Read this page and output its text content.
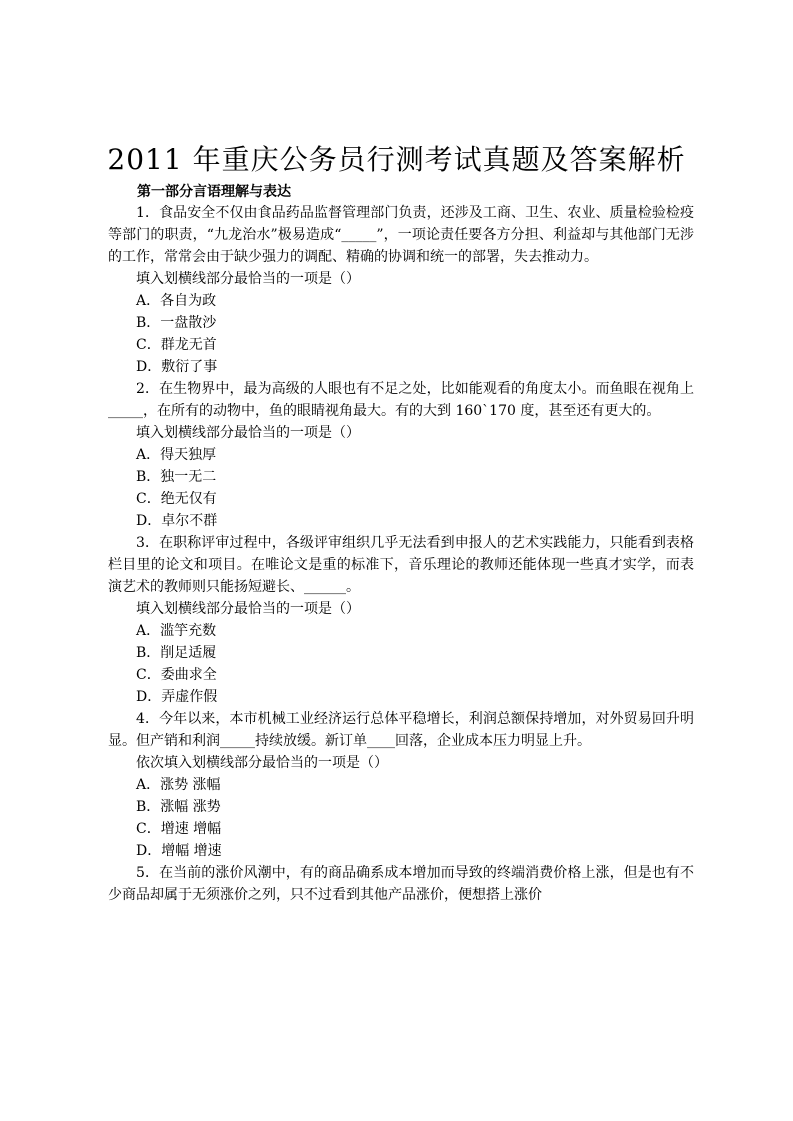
2011 年重庆公务员行测考试真题及答案解析
第一部分言语理解与表达

1．食品安全不仅由食品药品监督管理部门负责，还涉及工商、卫生、农业、质量检验检疫等部门的职责，“九龙治水”极易造成“_____”，一项论责任要各方分担、利益却与其他部门无涉的工作，常常会由于缺少强力的调配、精确的协调和统一的部署，失去推动力。

填入划横线部分最恰当的一项是（）

A．各自为政

B．一盘散沙

C．群龙无首

D．敷衍了事

2．在生物界中，最为高级的人眼也有不足之处，比如能观看的角度太小。而鱼眼在视角上_____，在所有的动物中，鱼的眼睛视角最大。有的大到 160`170 度，甚至还有更大的。

填入划横线部分最恰当的一项是（）

A．得天独厚

B．独一无二

C．绝无仅有

D．卓尔不群

3．在职称评审过程中，各级评审组织几乎无法看到申报人的艺术实践能力，只能看到表格栏目里的论文和项目。在唯论文是重的标准下，音乐理论的教师还能体现一些真才实学，而表演艺术的教师则只能扬短避长、______。

填入划横线部分最恰当的一项是（）

A．滥竽充数

B．削足适履

C．委曲求全

D．弄虚作假

4．今年以来，本市机械工业经济运行总体平稳增长，利润总额保持增加，对外贸易回升明显。但产销和利润_____持续放缓。新订单____回落，企业成本压力明显上升。

依次填入划横线部分最恰当的一项是（）

A．涨势 涨幅

B．涨幅 涨势

C．增速 增幅

D．增幅 增速

5．在当前的涨价风潮中，有的商品确系成本增加而导致的终端消费价格上涨，但是也有不少商品却属于无须涨价之列，只不过看到其他产品涨价，便想搭上涨价
